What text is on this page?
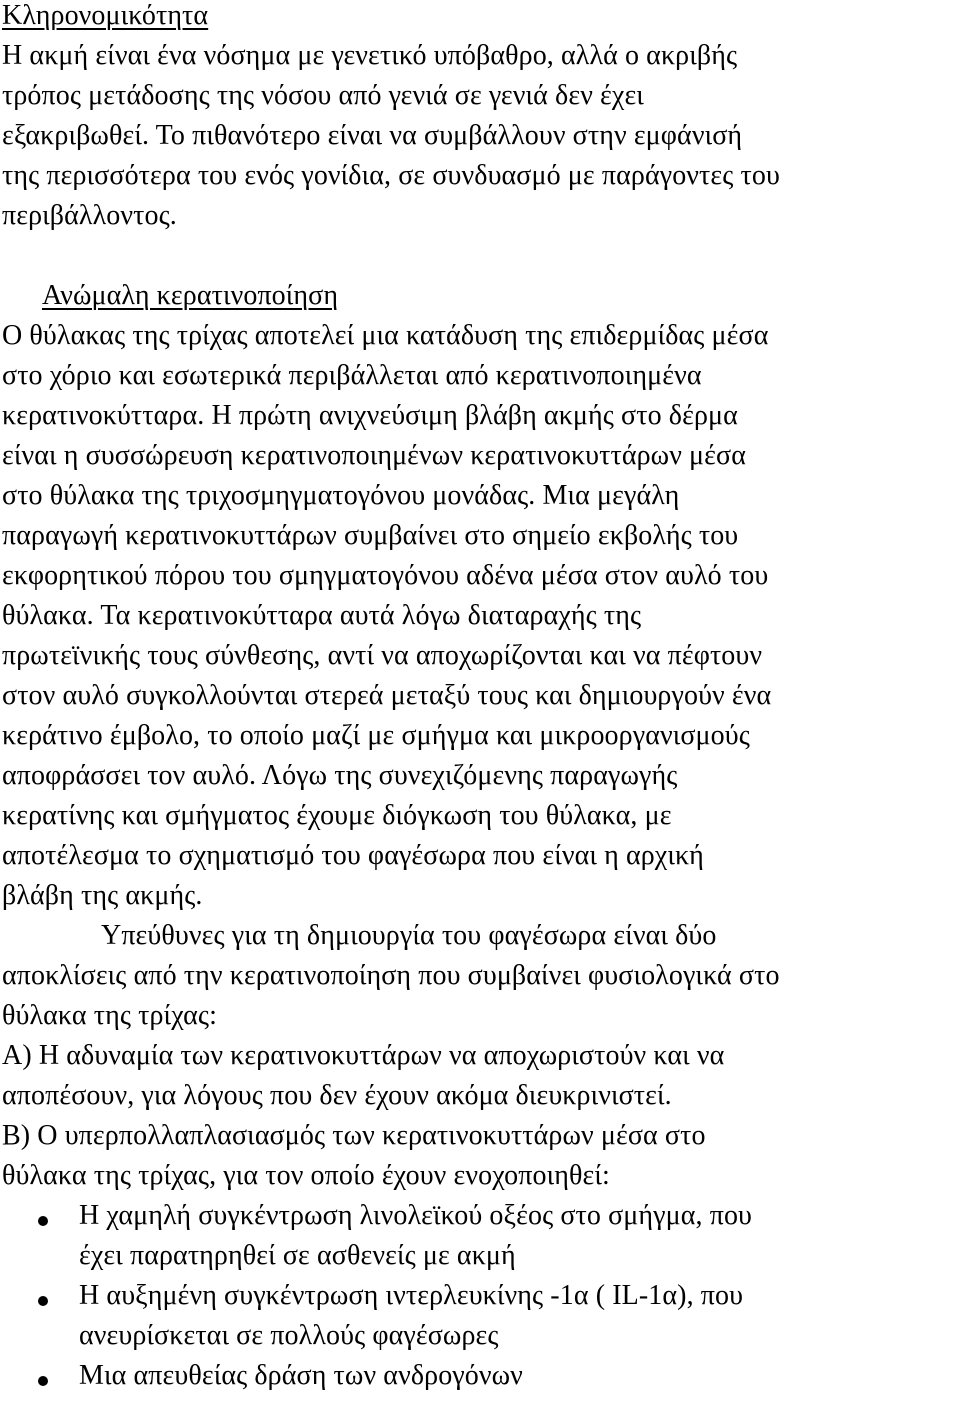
Κληρονομικότητα
Η ακμή είναι ένα νόσημα με γενετικό υπόβαθρο, αλλά ο ακριβής
τρόπος μετάδοσης της νόσου από γενιά σε γενιά δεν έχει
εξακριβωθεί. Το πιθανότερο είναι να συμβάλλουν στην εμφάνισή
της περισσότερα του ενός γονίδια, σε συνδυασμό με παράγοντες του
περιβάλλοντος.
Ανώμαλη κερατινοποίηση
Ο θύλακας της τρίχας αποτελεί μια κατάδυση της επιδερμίδας μέσα
στο χόριο και εσωτερικά περιβάλλεται από κερατινοποιημένα
κερατινοκύτταρα. Η πρώτη ανιχνεύσιμη βλάβη ακμής στο δέρμα
είναι η συσσώρευση κερατινοποιημένων κερατινοκυττάρων μέσα
στο θύλακα της τριχοσμηγματογόνου μονάδας. Μια μεγάλη
παραγωγή κερατινοκυττάρων συμβαίνει στο σημείο εκβολής του
εκφορητικού πόρου του σμηγματογόνου αδένα μέσα στον αυλό του
θύλακα. Τα κερατινοκύτταρα αυτά λόγω διαταραχής της
πρωτεϊνικής τους σύνθεσης, αντί να αποχωρίζονται και να πέφτουν
στον αυλό συγκολλούνται στερεά μεταξύ τους και δημιουργούν ένα
κεράτινο έμβολο, το οποίο μαζί με σμήγμα και μικροοργανισμούς
αποφράσσει τον αυλό. Λόγω της συνεχιζόμενης παραγωγής
κερατίνης και σμήγματος έχουμε διόγκωση του θύλακα, με
αποτέλεσμα το σχηματισμό του φαγέσωρα που είναι η αρχική
βλάβη της ακμής.
Υπεύθυνες για τη δημιουργία του φαγέσωρα είναι δύο
αποκλίσεις από την κερατινοποίηση που συμβαίνει φυσιολογικά στο
θύλακα της τρίχας:
Α) Η αδυναμία των κερατινοκυττάρων να αποχωριστούν και να
αποπέσουν, για λόγους που δεν έχουν ακόμα διευκρινιστεί.
Β) Ο υπερπολλαπλασιασμός των κερατινοκυττάρων μέσα στο
θύλακα της τρίχας, για τον οποίο έχουν ενοχοποιηθεί:
Η χαμηλή συγκέντρωση λινολεϊκού οξέος στο σμήγμα, που
έχει παρατηρηθεί σε ασθενείς με ακμή
Η αυξημένη συγκέντρωση ιντερλευκίνης -1α ( IL-1α), που
ανευρίσκεται σε πολλούς φαγέσωρες
Μια απευθείας δράση των ανδρογόνων
